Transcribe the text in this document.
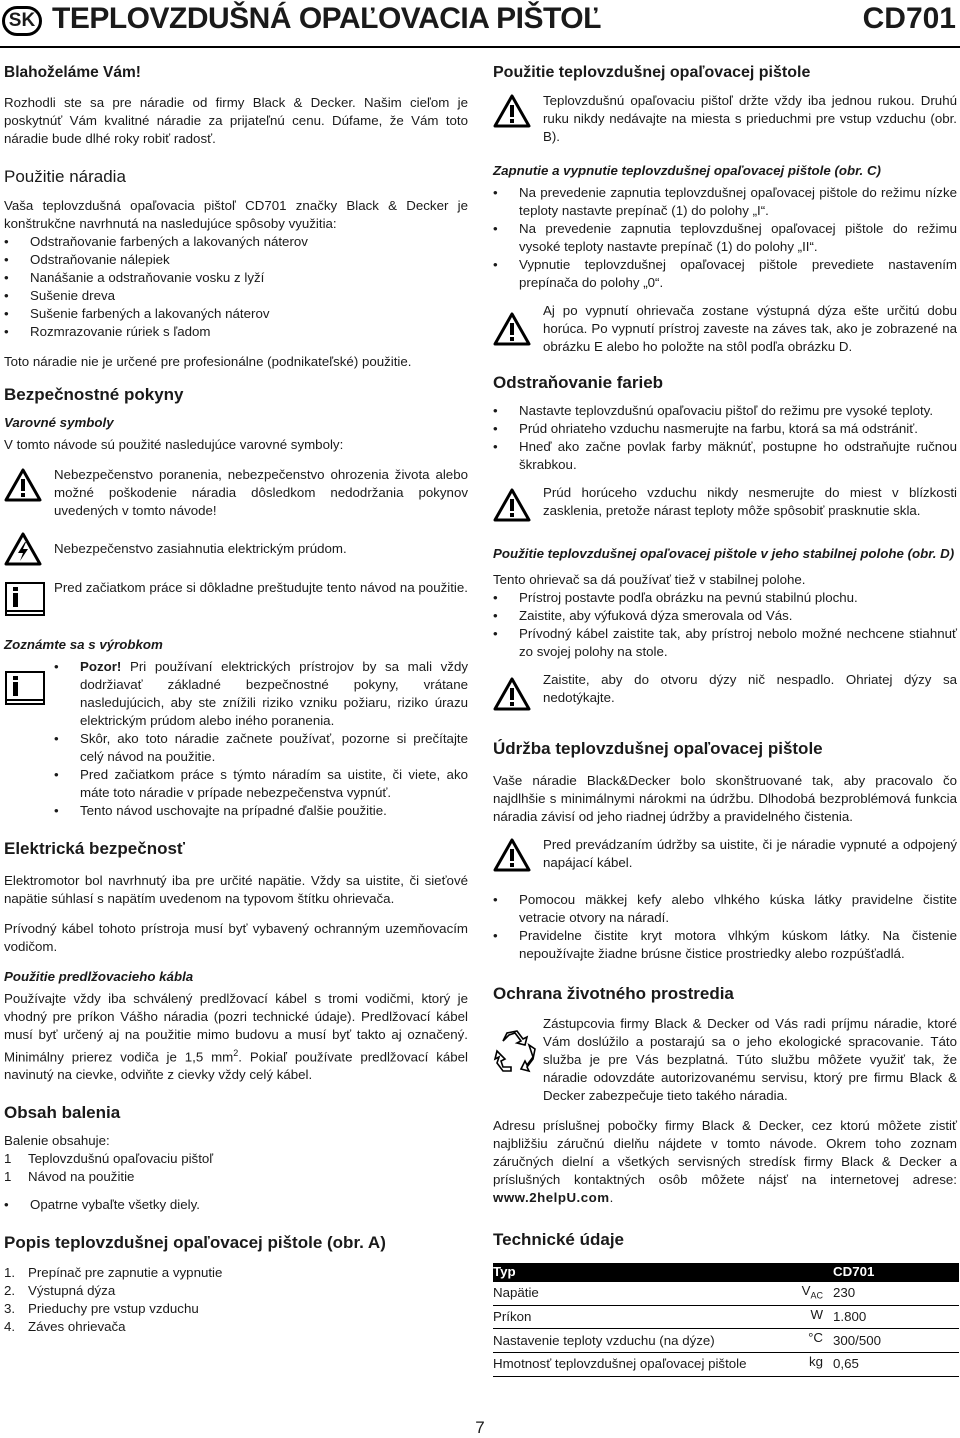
SK TEPLOVZDUŠNÁ OPAĽOVACIA PIŠTOĽ	CD701

Blahoželáme Vám!

Rozhodli ste sa pre náradie od firmy Black & Decker. Našim cieľom je poskytnúť Vám kvalitné náradie za prijateľnú cenu. Dúfame, že Vám toto náradie bude dlhé roky robiť radosť.

Použitie náradia

Vaša teplovzdušná opaľovacia pištoľ CD701 značky Black & Decker je konštrukčne navrhnutá na nasledujúce spôsoby využitia:

• Odstraňovanie farbených a lakovaných náterov
• Odstraňovanie nálepiek
• Nanášanie a odstraňovanie vosku z lyží
• Sušenie dreva
• Sušenie farbených a lakovaných náterov
• Rozmrazovanie rúriek s ľadom

Toto náradie nie je určené pre profesionálne (podnikateľské) použitie.

Bezpečnostné pokyny

Varovné symboly

V tomto návode sú použité nasledujúce varovné symboly:

Nebezpečenstvo poranenia, nebezpečenstvo ohrozenia života alebo možné poškodenie náradia dôsledkom nedodržania pokynov uvedených v tomto návode!

Nebezpečenstvo zasiahnutia elektrickým prúdom.

Pred začiatkom práce si dôkladne preštudujte tento návod na použitie.

Zoznámte sa s výrobkom

• Pozor! Pri používaní elektrických prístrojov by sa mali vždy dodržiavať základné bezpečnostné pokyny, vrátane nasledujúcich, aby ste znížili riziko vzniku požiaru, riziko úrazu elektrickým prúdom alebo iného poranenia.
• Skôr, ako toto náradie začnete používať, pozorne si prečítajte celý návod na použitie.
• Pred začiatkom práce s týmto náradím sa uistite, či viete, ako máte toto náradie v prípade nebezpečenstva vypnúť.
• Tento návod uschovajte na prípadné ďalšie použitie.

Elektrická bezpečnosť

Elektromotor bol navrhnutý iba pre určité napätie. Vždy sa uistite, či sieťové napätie súhlasí s napätím uvedenom na typovom štítku ohrievača.

Prívodný kábel tohoto prístroja musí byť vybavený ochranným uzemňovacím vodičom.

Použitie predlžovacieho kábla

Používajte vždy iba schválený predlžovací kábel s tromi vodičmi, ktorý je vhodný pre príkon Vášho náradia (pozri technické údaje). Predlžovací kábel musí byť určený aj na použitie mimo budovu a musí byť takto aj označený. Minimálny prierez vodiča je 1,5 $mm^2$. Pokiaľ používate predlžovací kábel navinutý na cievke, odviňte z cievky vždy celý kábel.

Obsah balenia

Balenie obsahuje:

1	Teplovzdušnú opaľovaciu pištoľ
1	Návod na použitie
• Opatrne vybaľte všetky diely.

Popis teplovzdušnej opaľovacej pištole (obr. A)

1. Prepínač pre zapnutie a vypnutie
2. Výstupná dýza
3. Prieduchy pre vstup vzduchu
4. Záves ohrievača

Použitie teplovzdušnej opaľovacej pištole

Teplovzdušnú opaľovaciu pištoľ držte vždy iba jednou rukou. Druhú ruku nikdy nedávajte na miesta s prieduchmi pre vstup vzduchu (obr. B).

Zapnutie a vypnutie teplovzdušnej opaľovacej pištole (obr. C)

• Na prevedenie zapnutia teplovzdušnej opaľovacej pištole do režimu nízke teploty nastavte prepínač (1) do polohy „I“.
• Na prevedenie zapnutia teplovzdušnej opaľovacej pištole do režimu vysoké teploty nastavte prepínač (1) do polohy „II“.
• Vypnutie teplovzdušnej opaľovacej pištole prevediete nastavením prepínača do polohy „0“.

Aj po vypnutí ohrievača zostane výstupná dýza ešte určitú dobu horúca. Po vypnutí prístroj zaveste na záves tak, ako je zobrazené na obrázku E alebo ho položte na stôl podľa obrázku D.

Odstraňovanie farieb

• Nastavte teplovzdušnú opaľovaciu pištoľ do režimu pre vysoké teploty.
• Prúd ohriateho vzduchu nasmerujte na farbu, ktorá sa má odstrániť.
• Hneď ako začne povlak farby mäknúť, postupne ho odstraňujte ručnou škrabkou.

Prúd horúceho vzduchu nikdy nesmerujte do miest v blízkosti zasklenia, pretože nárast teploty môže spôsobiť prasknutie skla.

Použitie teplovzdušnej opaľovacej pištole v jeho stabilnej polohe (obr. D)

Tento ohrievač sa dá používať tiež v stabilnej polohe.

• Prístroj postavte podľa obrázku na pevnú stabilnú plochu.
• Zaistite, aby výfuková dýza smerovala od Vás.
• Prívodný kábel zaistite tak, aby prístroj nebolo možné nechcene stiahnuť zo svojej polohy na stole.

Zaistite, aby do otvoru dýzy nič nespadlo. Ohriatej dýzy sa nedotýkajte.

Údržba teplovzdušnej opaľovacej pištole

Vaše náradie Black&Decker bolo skonštruované tak, aby pracovalo čo najdlhšie s minimálnymi nárokmi na údržbu. Dlhodobá bezproblémová funkcia náradia závisí od jeho riadnej údržby a pravidelného čistenia.

Pred prevádzaním údržby sa uistite, či je náradie vypnuté a odpojený napájací kábel.

• Pomocou mäkkej kefy alebo vlhkého kúska látky pravidelne čistite vetracie otvory na náradí.
• Pravidelne čistite kryt motora vlhkým kúskom látky. Na čistenie nepoužívajte žiadne brúsne čistice prostriedky alebo rozpúšťadlá.

Ochrana životného prostredia

Zástupcovia firmy Black & Decker od Vás radi príjmu náradie, ktoré Vám doslúžilo a postarajú sa o jeho ekologické spracovanie. Táto služba je pre Vás bezplatná. Túto službu môžete využiť tak, že náradie odovzdáte autorizovanému servisu, ktorý pre firmu Black & Decker zabezpečuje tieto takého náradia.

Adresu príslušnej pobočky firmy Black & Decker, cez ktorú môžete zistiť najbližšiu záručnú dielňu nájdete v tomto návode. Okrem toho zoznam záručných dielní a všetkých servisných stredísk firmy Black & Decker a príslušných kontaktných osôb môžete nájsť na internetovej adrese: www.2helpU.com.

Technické údaje

Typ		CD701
Napätie	$V_{AC}$	230
Príkon	W	1.800
Nastavenie teploty vzduchu (na dýze)	°C	300/500
Hmotnosť teplovzdušnej opaľovacej pištole	kg	0,65
7
